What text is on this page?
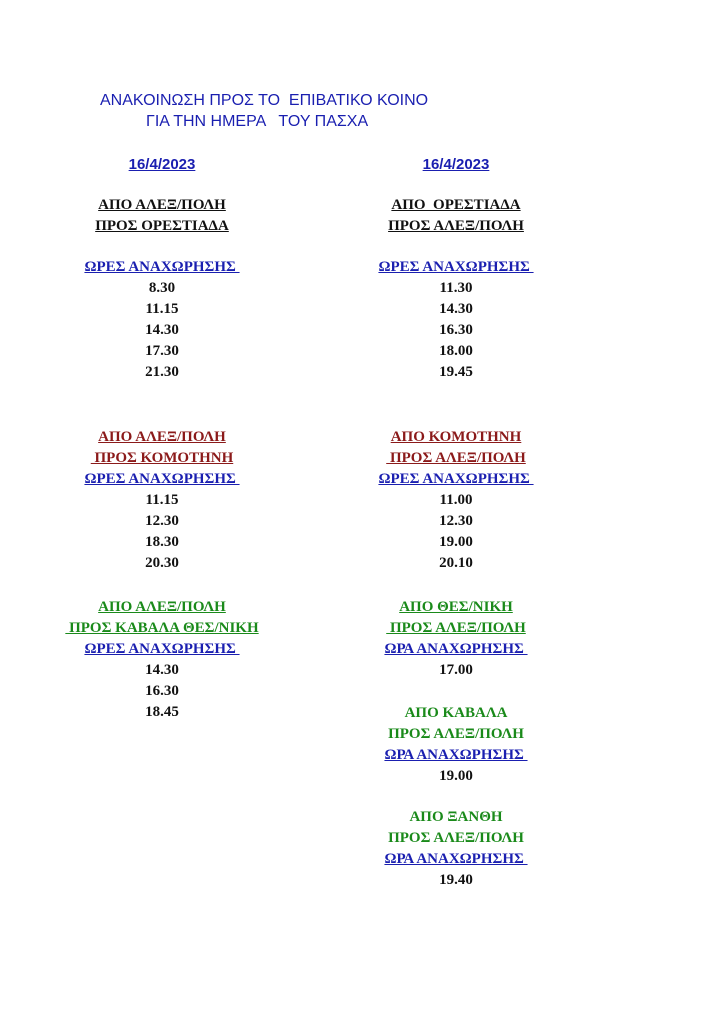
ΑΝΑΚΟΙΝΩΣΗ ΠΡΟΣ ΤΟ  ΕΠΙΒΑΤΙΚΟ ΚΟΙΝΟ
ΓΙΑ ΤΗΝ ΗΜΕΡΑ   ΤΟΥ ΠΑΣΧΑ
16/4/2023	16/4/2023
ΑΠΟ ΑΛΕΞ/ΠΟΛΗ
ΠΡΟΣ ΟΡΕΣΤΙΑΔΑ
ΩΡΕΣ ΑΝΑΧΩΡΗΣΗΣ
8.30
11.15
14.30
17.30
21.30
ΑΠΟ ΑΛΕΞ/ΠΟΛΗ
ΠΡΟΣ ΚΟΜΟΤΗΝΗ
ΩΡΕΣ ΑΝΑΧΩΡΗΣΗΣ
11.15
12.30
18.30
20.30
ΑΠΟ ΑΛΕΞ/ΠΟΛΗ
ΠΡΟΣ ΚΑΒΑΛΑ ΘΕΣ/ΝΙΚΗ
ΩΡΕΣ ΑΝΑΧΩΡΗΣΗΣ
14.30
16.30
18.45
ΑΠΟ  ΟΡΕΣΤΙΑΔΑ
ΠΡΟΣ ΑΛΕΞ/ΠΟΛΗ
ΩΡΕΣ ΑΝΑΧΩΡΗΣΗΣ
11.30
14.30
16.30
18.00
19.45
ΑΠΟ ΚΟΜΟΤΗΝΗ
ΠΡΟΣ ΑΛΕΞ/ΠΟΛΗ
ΩΡΕΣ ΑΝΑΧΩΡΗΣΗΣ
11.00
12.30
19.00
20.10
ΑΠΟ ΘΕΣ/ΝΙΚΗ
ΠΡΟΣ ΑΛΕΞ/ΠΟΛΗ
ΩΡΑ ΑΝΑΧΩΡΗΣΗΣ
17.00
ΑΠΟ ΚΑΒΑΛΑ
ΠΡΟΣ ΑΛΕΞ/ΠΟΛΗ
ΩΡΑ ΑΝΑΧΩΡΗΣΗΣ
19.00
ΑΠΟ ΞΑΝΘΗ
ΠΡΟΣ ΑΛΕΞ/ΠΟΛΗ
ΩΡΑ ΑΝΑΧΩΡΗΣΗΣ
19.40
